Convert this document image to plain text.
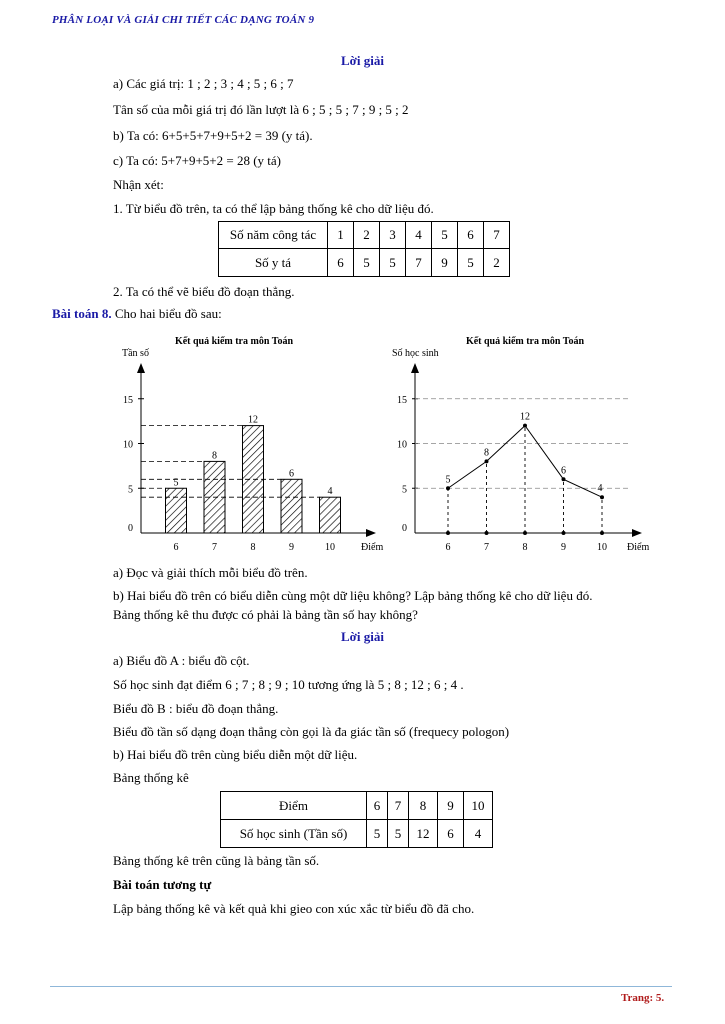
PHÂN LOẠI VÀ GIẢI CHI TIẾT CÁC DẠNG TOÁN 9
Lời giải
a) Các giá trị: 1 ; 2 ; 3 ; 4 ; 5 ; 6 ; 7
Tân số của mỗi giá trị đó lần lượt là 6 ; 5 ; 5 ; 7 ; 9 ; 5 ; 2
b) Ta có: 6+5+5+7+9+5+2 = 39 (y tá).
c) Ta có: 5+7+9+5+2 = 28 (y tá)
Nhận xét:
1. Từ biểu đồ trên, ta có thể lập bảng thống kê cho dữ liệu đó.
Số năm công tác	1	2	3	4	5	6	7
Số y tá	6	5	5	7	9	5	2
2. Ta có thể vẽ biểu đồ đoạn thẳng.
Bài toán 8. Cho hai biểu đồ sau:
Kết quả kiểm tra môn Toán
Tần số
0
5
10
15
6	7	8	9	10	Điểm
5
8
12
6
4
Kết quả kiểm tra môn Toán
Số học sinh
0
5
10
15
6	7	8	9	10 Điểm
5
8
12
6
4
a) Đọc và giải thích mỗi biểu đồ trên.
b) Hai biểu đồ trên có biểu diễn cùng một dữ liệu không? Lập bảng thống kê cho dữ liệu đó.
Bảng thống kê thu được có phải là bảng tần số hay không?
Lời giải
a) Biểu đồ A : biểu đồ cột.
Số học sinh đạt điểm 6 ; 7 ; 8 ; 9 ; 10 tương ứng là 5 ; 8 ; 12 ; 6 ; 4 .
Biểu đồ B : biểu đồ đoạn thẳng.
Biểu đồ tần số dạng đoạn thẳng còn gọi là đa giác tần số (frequecy pologon)
b) Hai biểu đồ trên cùng biểu diễn một dữ liệu.
Bảng thống kê
Điểm	6	7	8	9	10
Số học sinh (Tần số)	5	5	12	6	4
Bảng thống kê trên cũng là bảng tần số.
Bài toán tương tự
Lập bảng thống kê và kết quả khi gieo con xúc xắc từ biểu đồ đã cho.
Trang: 5.
